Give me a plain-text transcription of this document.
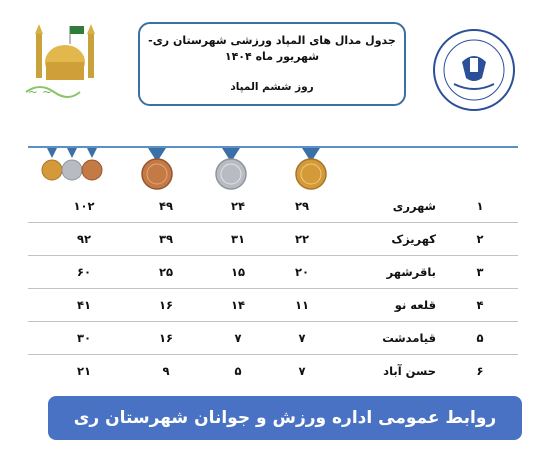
~ ~
جدول مدال های المپاد ورزشی شهرستان ری-شهریور ماه ۱۴۰۴
روز ششم المپاد
۱
شهرری
۲۹
۲۴
۴۹
۱۰۲
۲
کهریزک
۲۲
۳۱
۳۹
۹۲
۳
باقرشهر
۲۰
۱۵
۲۵
۶۰
۴
قلعه نو
۱۱
۱۴
۱۶
۴۱
۵
قیامدشت
۷
۷
۱۶
۳۰
۶
حسن آباد
۷
۵
۹
۲۱
روابط عمومی اداره ورزش و جوانان شهرستان ری
